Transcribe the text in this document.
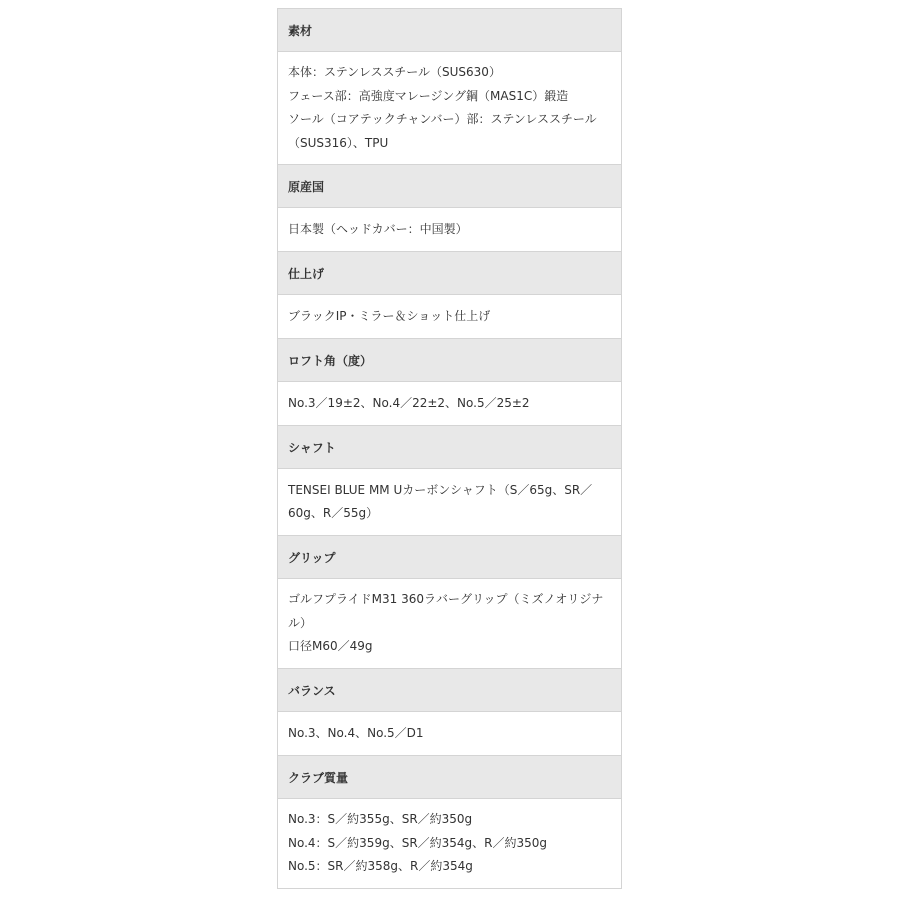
素材
本体：ステンレススチール（SUS630）
フェース部：高強度マレージング鋼（MAS1C）鍛造
ソール（コアテックチャンバー）部：ステンレススチール
（SUS316）、TPU
原産国
日本製（ヘッドカバー：中国製）
仕上げ
ブラックIP・ミラー＆ショット仕上げ
ロフト角（度）
No.3／19±2、No.4／22±2、No.5／25±2
シャフト
TENSEI BLUE MM Uカーボンシャフト（S／65g、SR／
60g、R／55g）
グリップ
ゴルフプライドM31 360ラバーグリップ（ミズノオリジナ
ル）
口径M60／49g
バランス
No.3、No.4、No.5／D1
クラブ質量
No.3：S／約355g、SR／約350g
No.4：S／約359g、SR／約354g、R／約350g
No.5：SR／約358g、R／約354g
